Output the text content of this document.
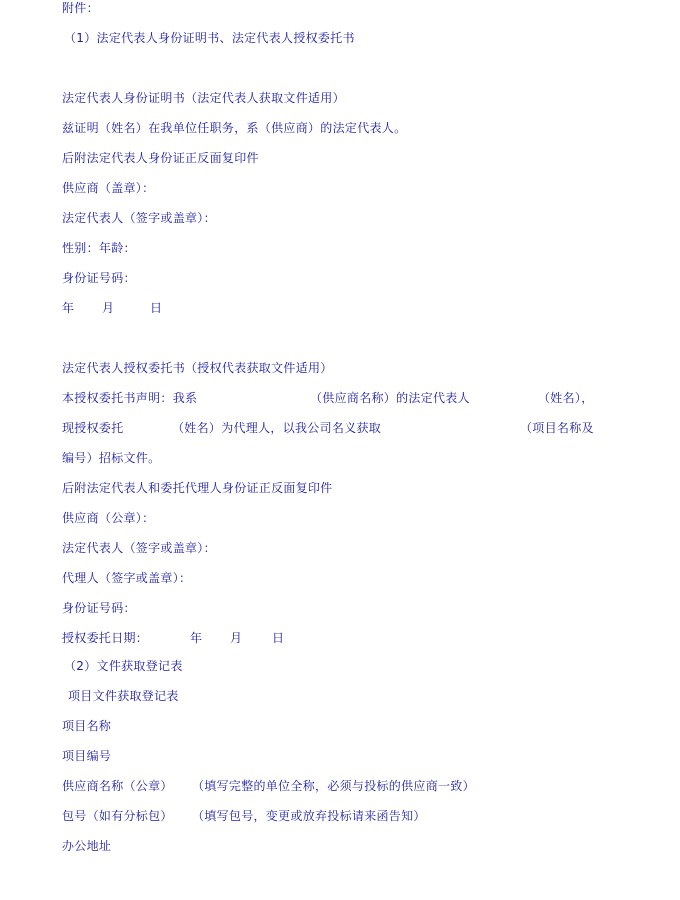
附件：
（1）法定代表人身份证明书、法定代表人授权委托书
法定代表人身份证明书（法定代表人获取文件适用）
兹证明（姓名）在我单位任职务，系（供应商）的法定代表人。
后附法定代表人身份证正反面复印件
供应商（盖章）：
法定代表人（签字或盖章）：
性别：年龄：
身份证号码：
年 月	日
法定代表人授权委托书（授权代表获取文件适用）
本授权委托书声明：我系	（供应商名称）的法定代表人	（姓名），
现授权委托	（姓名）为代理人，以我公司名义获取	（项目名称及
编号）招标文件。
后附法定代表人和委托代理人身份证正反面复印件
供应商（公章）：
法定代表人（签字或盖章）：
代理人（签字或盖章）：
身份证号码：
授权委托日期：	年 月 日
（2）文件获取登记表
项目文件获取登记表
项目名称
项目编号
供应商名称（公章） （填写完整的单位全称，必须与投标的供应商一致）
包号（如有分标包） （填写包号，变更或放弃投标请来函告知）
办公地址
